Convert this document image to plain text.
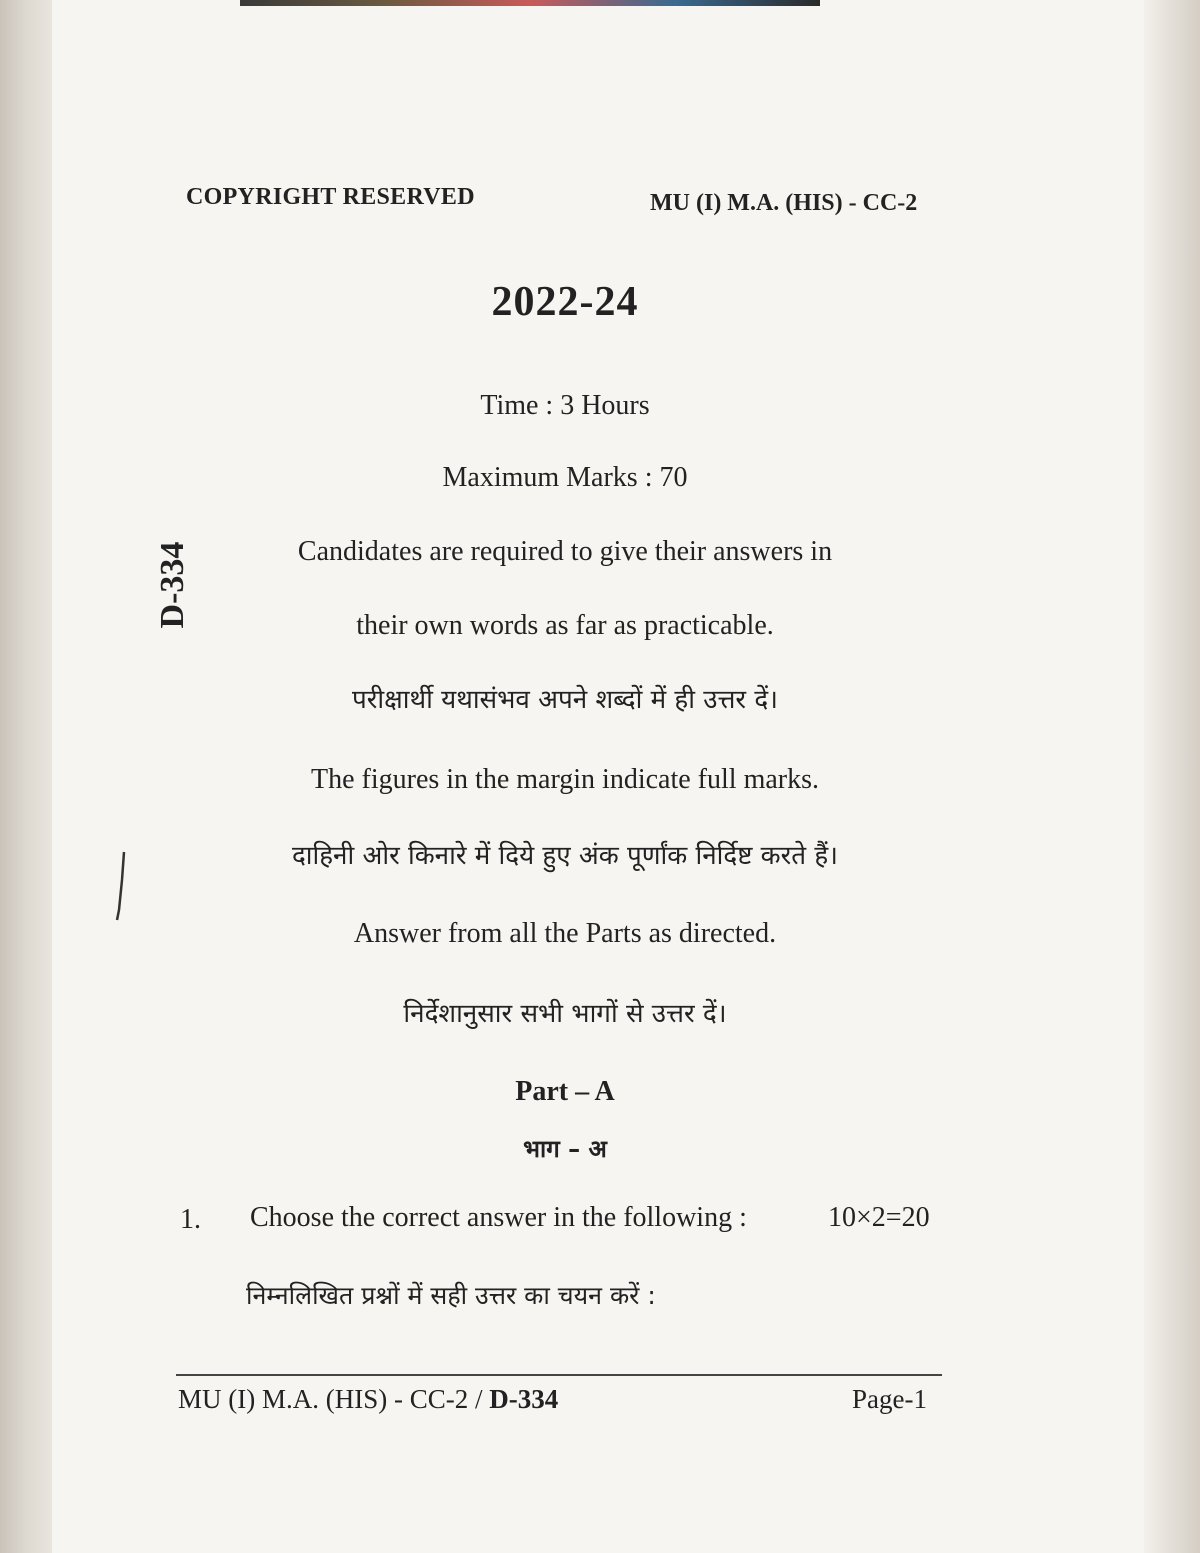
COPYRIGHT RESERVED	MU (I) M.A. (HIS) - CC-2
2022-24
Time : 3 Hours
Maximum Marks : 70
D-334	Candidates are required to give their answers in
their own words as far as practicable.
परीक्षार्थी यथासंभव अपने शब्दों में ही उत्तर दें।
The figures in the margin indicate full marks.
दाहिनी ओर किनारे में दिये हुए अंक पूर्णांक निर्दिष्ट करते हैं।
Answer from all the Parts as directed.
निर्देशानुसार सभी भागों से उत्तर दें।
Part – A
भाग – अ
1. Choose the correct answer in the following :	10×2=20
निम्नलिखित प्रश्नों में सही उत्तर का चयन करें :
MU (I) M.A. (HIS) - CC-2 / D-334	Page-1
